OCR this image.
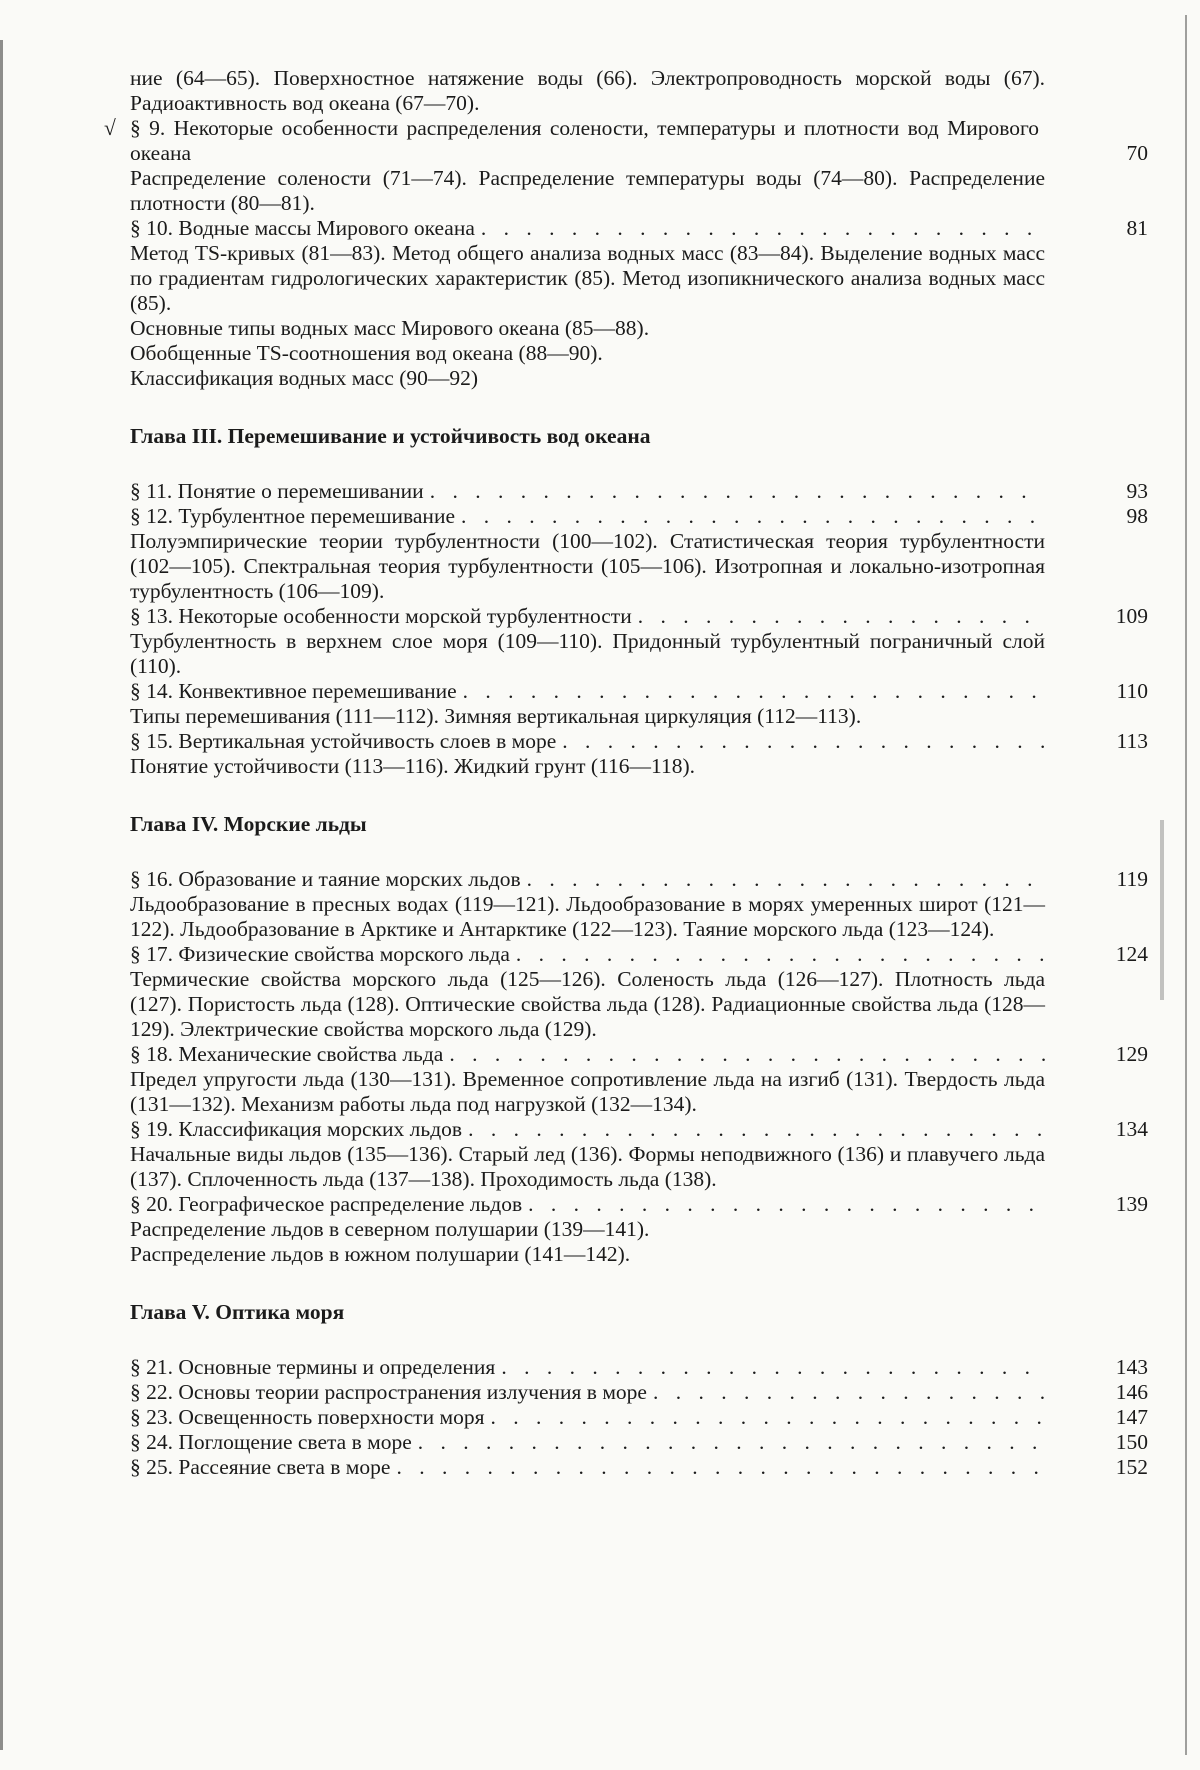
ние (64—65). Поверхностное натяжение воды (66). Электропроводность морской воды (67). Радиоактивность вод океана (67—70).
√ § 9. Некоторые особенности распределения солености, температуры и плотности вод Мирового океана	70
Распределение солености (71—74). Распределение температуры воды (74—80). Распределение плотности (80—81).
§ 10. Водные массы Мирового океана . . .	81
Метод TS-кривых (81—83). Метод общего анализа водных масс (83—84). Выделение водных масс по градиентам гидрологических характеристик (85). Метод изопикнического анализа водных масс (85).
Основные типы водных масс Мирового океана (85—88).
Обобщенные TS-соотношения вод океана (88—90).
Классификация водных масс (90—92)
Глава III. Перемешивание и устойчивость вод океана
§ 11. Понятие о перемешивании . . .	93
§ 12. Турбулентное перемешивание . . .	98
Полуэмпирические теории турбулентности (100—102). Статистическая теория турбулентности (102—105). Спектральная теория турбулентности (105—106). Изотропная и локально-изотропная турбулентность (106—109).
§ 13. Некоторые особенности морской турбулентности . . .	109
Турбулентность в верхнем слое моря (109—110). Придонный турбулентный пограничный слой (110).
§ 14. Конвективное перемешивание . . .	110
Типы перемешивания (111—112). Зимняя вертикальная циркуляция (112—113).
§ 15. Вертикальная устойчивость слоев в море . . .	113
Понятие устойчивости (113—116). Жидкий грунт (116—118).
Глава IV. Морские льды
§ 16. Образование и таяние морских льдов . . .	119
Льдообразование в пресных водах (119—121). Льдообразование в морях умеренных широт (121—122). Льдообразование в Арктике и Антарктике (122—123). Таяние морского льда (123—124).
§ 17. Физические свойства морского льда . . .	124
Термические свойства морского льда (125—126). Соленость льда (126—127). Плотность льда (127). Пористость льда (128). Оптические свойства льда (128). Радиационные свойства льда (128—129). Электрические свойства морского льда (129).
§ 18. Механические свойства льда . . .	129
Предел упругости льда (130—131). Временное сопротивление льда на изгиб (131). Твердость льда (131—132). Механизм работы льда под нагрузкой (132—134).
§ 19. Классификация морских льдов . . .	134
Начальные виды льдов (135—136). Старый лед (136). Формы неподвижного (136) и плавучего льда (137). Сплоченность льда (137—138). Проходимость льда (138).
§ 20. Географическое распределение льдов . . .	139
Распределение льдов в северном полушарии (139—141).
Распределение льдов в южном полушарии (141—142).
Глава V. Оптика моря
§ 21. Основные термины и определения . . .	143
§ 22. Основы теории распространения излучения в море . . .	146
§ 23. Освещенность поверхности моря . . .	147
§ 24. Поглощение света в море . . .	150
§ 25. Рассеяние света в море . . .	152
